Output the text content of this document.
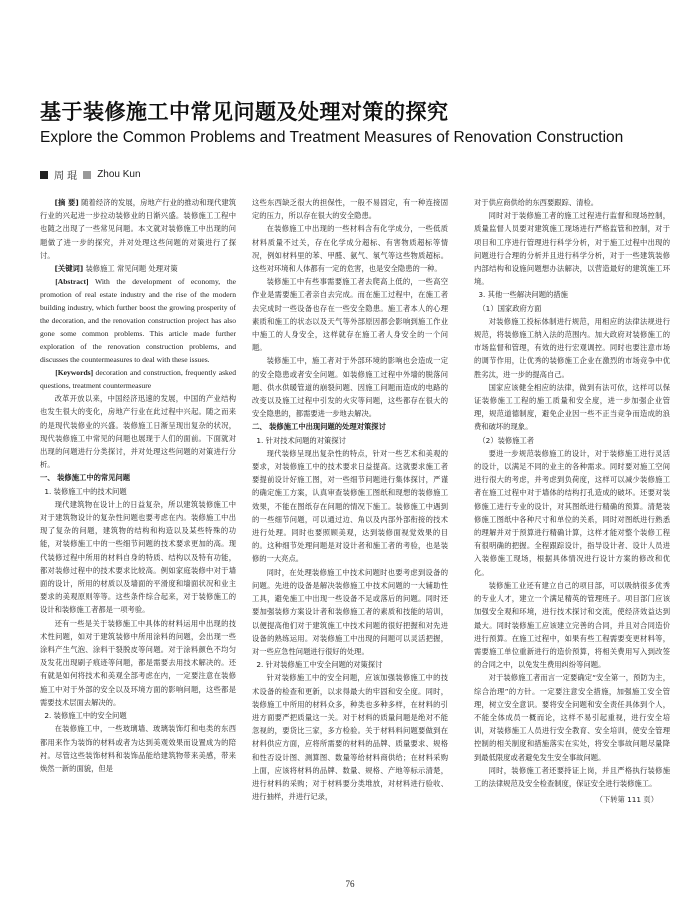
基于装修施工中常见问题及处理对策的探究
Explore the Common Problems and Treatment Measures of Renovation Construction
周 琨 Zhou Kun

[摘 要] 随着经济的发展，房地产行业的推动和现代建筑行业的兴起进一步拉动装修业的日渐兴盛。装修施工工程中也随之出现了一些常见问题。本文就对装修施工中出现的问题做了进一步的探究，并对处理这些问题的对策进行了探讨。

[关键词] 装修施工 常见问题 处理对策

[Abstract] With the development of economy, the promotion of real estate industry and the rise of the modern building industry, which further boost the growing prosperity of the decoration, and the renovation construction project has also gone some common problems. This article made further exploration of the renovation construction problems, and discusses the countermeasures to deal with these issues.

[Keywords] decoration and construction, frequently asked questions, treatment countermeasure

改革开放以来，中国经济迅速的发展，中国的产业结构也发生很大的变化，房地产行业在此过程中兴起。随之而来的是现代装修业的兴盛。装修施工日渐呈现出复杂的状况，现代装修施工中常见的问题也展现于人们的面前。下面就对出现的问题进行分类探讨，并对处理这些问题的对策进行分析。

一、 装修施工中的常见问题

1. 装修施工中的技术问题

现代建筑物在设计上的日益复杂，所以建筑装修施工中对于建筑物设计的复杂性问题也要考虑在内。装修施工中出现了复杂的问题，建筑物的结构和构造以及某些特殊的功能，对装修施工中的一些细节问题的技术要求更加的高。现代装修过程中所用的材料自身的特质、结构以及特有功能，都对装修过程中的技术要求比较高。例如家庭装修中对于墙面的设计，所用的材质以及墙面的平滑度和墙面状况和业主要求的美观原则等等。这些条件综合起来，对于装修施工的设计和装修施工者都是一项考验。

还有一些是关于装修施工中具体的材料运用中出现的技术性问题，如对于建筑装修中所用涂料的问题，会出现一些涂料产生气泡、涂料干裂脱皮等问题。对于涂料颜色不均匀及发花出现刷子痕迹等问题，都是需要去用技术解决的。还有就是如何将技术和美观全部考虑在内，一定要注意在装修施工中对于外部的安全以及环境方面的影响问题，这些都是需要技术层面去解决的。

2. 装修施工中的安全问题

在装修施工中，一些玻璃墙、玻璃装饰灯和电类的东西都用来作为装饰的材料或者为达到美观效果而设置成为的陪衬。尽管这些装饰材料和装饰品能给建筑物带来美感，带来焕然一新的面貌，但是

这些东西缺乏很大的担保性，一般不易固定，有一种连接固定的压力，所以存在很大的安全隐患。

在装修施工中出现的一些材料含有化学成分，一些低质材料质量不过关，存在化学成分超标、有害物质超标等情况，例如材料里的苯、甲醛、氨气、氡气等这些物质超标。这些对环境和人体都有一定的危害，也是安全隐患的一种。

装修施工中有些事需要施工者去爬高上低的，一些高空作业是需要施工者亲自去完成。而在施工过程中，在施工者去完成时一些设备也存在一些安全隐患。施工者本人的心理素质和施工的状态以及天气等外部原因都会影响到施工作业中施工的人身安全，这样就存在施工者人身安全的一个问题。

装修施工中，施工者对于外部环境的影响也会造成一定的安全隐患或者安全问题。如装修施工过程中外墙的脱落问题、供水供暖管道的崩裂问题、因施工问题而造成的电路的改变以及施工过程中引发的火灾等问题，这些都存在很大的安全隐患的，都需要进一步地去解决。

二、 装修施工中出现问题的处理对策探讨

1. 针对技术问题的对策探讨

现代装修呈现出复杂性的特点，针对一些艺术和美观的要求，对装修施工中的技术要求日益提高。这就要求施工者要提前设计好施工图，对一些细节问题进行集体探讨，严谨的确定施工方案，认真审查装修施工图纸和现想的装修施工效果，不能在图纸存在问题的情况下施工。装修施工中遇到的一些细节问题，可以通过边、角以及内部外部衔接的技术进行处理。同时也要照顾美观，达到装修面视觉效果的目的。这种细节处理问题是对设计者和施工者的考验，也是装修的一大亮点。

同时，在处理装修施工中技术问题时也要考虑到设备的问题。先进的设备是解决装修施工中技术问题的一大辅助性工具，避免施工中出现一些设备不足或落后的问题。同时还要加强装修方案设计者和装修施工者的素质和技能的培训，以便提高他们对于建筑施工中技术问题的很好把握和对先进设备的熟练运用。对装修施工中出现的问题可以灵活把握，对一些应急性问题进行很好的处理。

2. 针对装修施工中安全问题的对策探讨

针对装修施工中的安全问题，应该加强装修施工中的技术设备的检查和更新，以求得最大的牢固和安全度。同时，装修施工中所用的材料众多，种类也多种多样，在材料的引进方面要严把质量这一关。对于材料的质量问题是绝对不能忽视的，要货比三家，多方检验。关于材料料问题要做到在材料供应方面，应将所需要的材料的品牌、质量要求、规格和性否设计图、测算图、数量等给材料商供给；在材料采购上面，应该将材料的品牌、数量、规格、产地等标示清楚，进行材料的采购；对于材料要分类堆放，对材料进行验收、进行抽样，并进行记录，

对于供应商供给的东西要跟踪、清检。

同时对于装修施工者的施工过程进行监督和现场控制，质量监督人员要对建筑施工现场进行严格监管和控制，对于项目和工序进行管理进行科学分析，对于施工过程中出现的问题进行合理的分析并且进行科学分析，对于一些建筑装修内部结构和设施问题想办法解决，以营造最好的建筑施工环境。

3. 其他一些解决问题的措施

（1）国家政府方面

对装修施工投标体制进行规范，用相应的法律法规进行规范，将装修施工纳入法的范围内。加大政府对装修施工的市场监督和管理，有效的进行宏观调控。同时也要注意市场的调节作用，让优秀的装修施工企业在激烈的市场竞争中优胜劣汰，进一步的提高自己。

国家应该健全相应的法律，做到有法可依，这样可以保证装修施工工程的施工质量和安全度，进一步加强企业管理，规范道德制度，避免企业因一些不正当竞争而造成的浪费和破坏的现象。

（2）装修施工者

要进一步规范装修施工的设计，对于装修施工进行灵活的设计，以满足不同的业主的各种需求。同时要对施工空间进行很大的考虑，并考虑到负荷度，这样可以减少装修施工者在施工过程中对于墙体的结构打孔造成的破坏。还要对装修施工进行专业的设计，对其图纸进行精确的预算。清楚装修施工图纸中各种尺寸和单位的关系，同时对图纸进行熟悉的理解并对于预算进行精确计算，这样才能对整个装修工程有很明确的把握。全程跟踪设计，指导设计者、设计人员进入装修施工现场，根据具体情况进行设计方案的修改和优化。

装修施工业还有建立自己的项目部，可以吸纳很多优秀的专业人才，建立一个满足精英的管理班子。项目部门应该加强安全观和环境，进行技术探讨和交流，使经济效益达到最大。同时装修施工应该建立完善的合同，并且对合同造价进行预算。在施工过程中，如果有些工程需要变更材料等，需要施工单位重新进行的造价预算，将相关费用写入到改签的合同之中，以免发生费用纠纷等问题。

对于装修施工者而言一定要确定“安全第一，预防为主，综合治理”的方针。一定要注意安全措施，加强施工安全管理，树立安全意识。要将安全问题和安全责任具体到个人，不能全体成员一概而论，这样不易引起重视，进行安全培训，对装修施工人员进行安全教育、安全培训，使安全管理控制的相关制度和措施落实在实处，将安全事故问题尽量降到最低限度或者避免发生安全事故问题。

同时，装修施工者还要持证上岗，并且严格执行装修施工的法律规范及安全检查制度，保证安全进行装修施工。

（下转第 111 页）

76
